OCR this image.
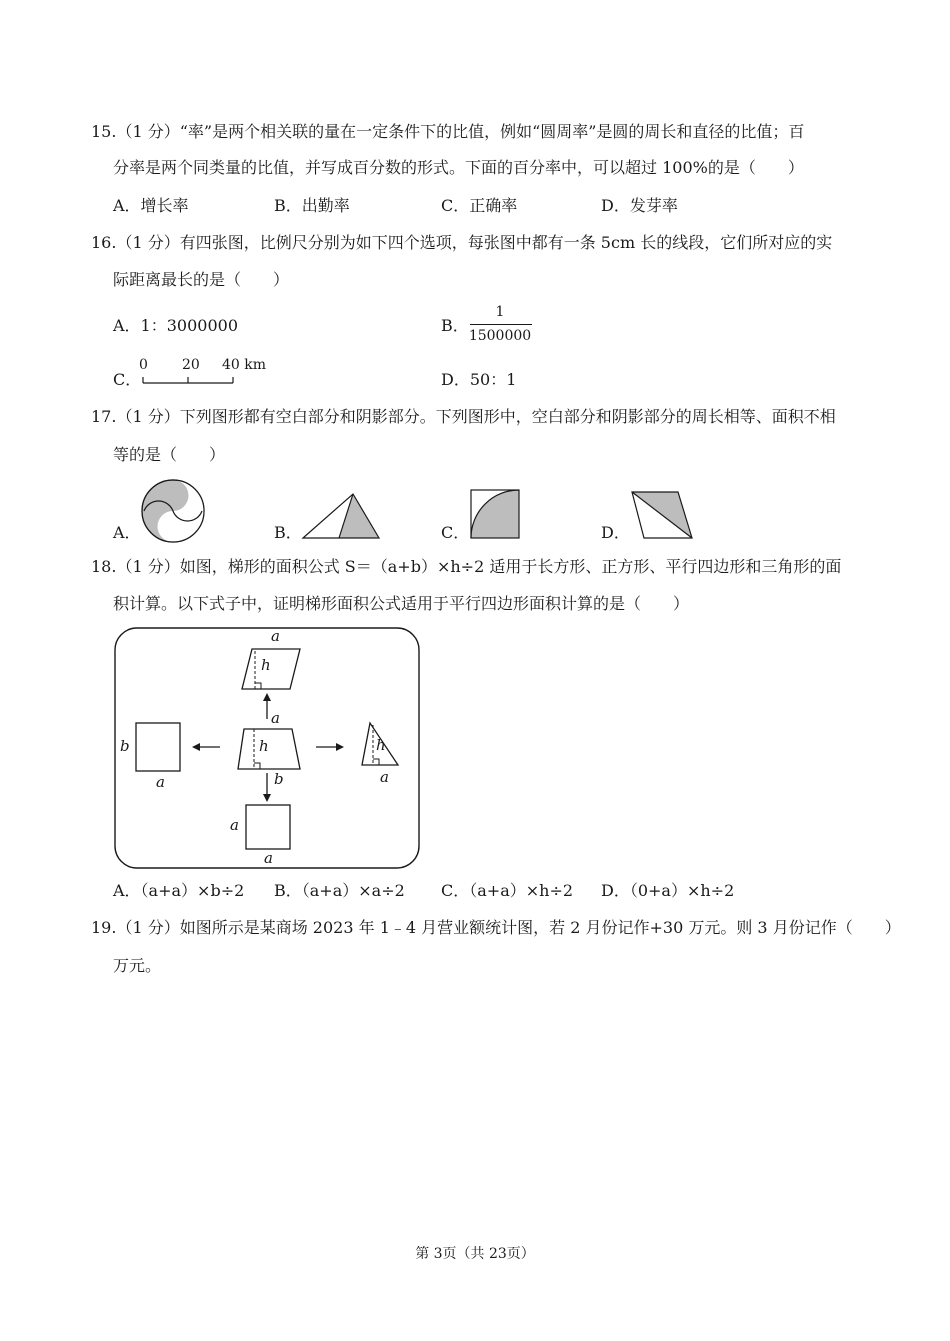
15.（1 分）“率”是两个相关联的量在一定条件下的比值，例如“圆周率”是圆的周长和直径的比值；百
分率是两个同类量的比值，并写成百分数的形式。下面的百分率中，可以超过 100%的是（　　）
A．增长率	B．出勤率	C．正确率	D．发芽率
16.（1 分）有四张图，比例尺分别为如下四个选项，每张图中都有一条 5cm 长的线段，它们所对应的实
际距离最长的是（　　）
A．1：3000000	B．
1
1500000
C．
0 20 40 km
D．50：1
17.（1 分）下列图形都有空白部分和阴影部分。下列图形中，空白部分和阴影部分的周长相等、面积不相
等的是（　　）
A．	B．	C．	D．
18.（1 分）如图，梯形的面积公式 S＝（a+b）×h÷2 适用于长方形、正方形、平行四边形和三角形的面
积计算。以下式子中，证明梯形面积公式适用于平行四边形面积计算的是（　　）
a
h
a
h
b
b
a
h
a
a
a
A．（a+a）×b÷2 B．（a+a）×a÷2 C．（a+a）×h÷2 D．（0+a）×h÷2
19.（1 分）如图所示是某商场 2023 年 1﹣4 月营业额统计图，若 2 月份记作+30 万元。则 3 月份记作（　　）
万元。
第 3页（共 23页）
